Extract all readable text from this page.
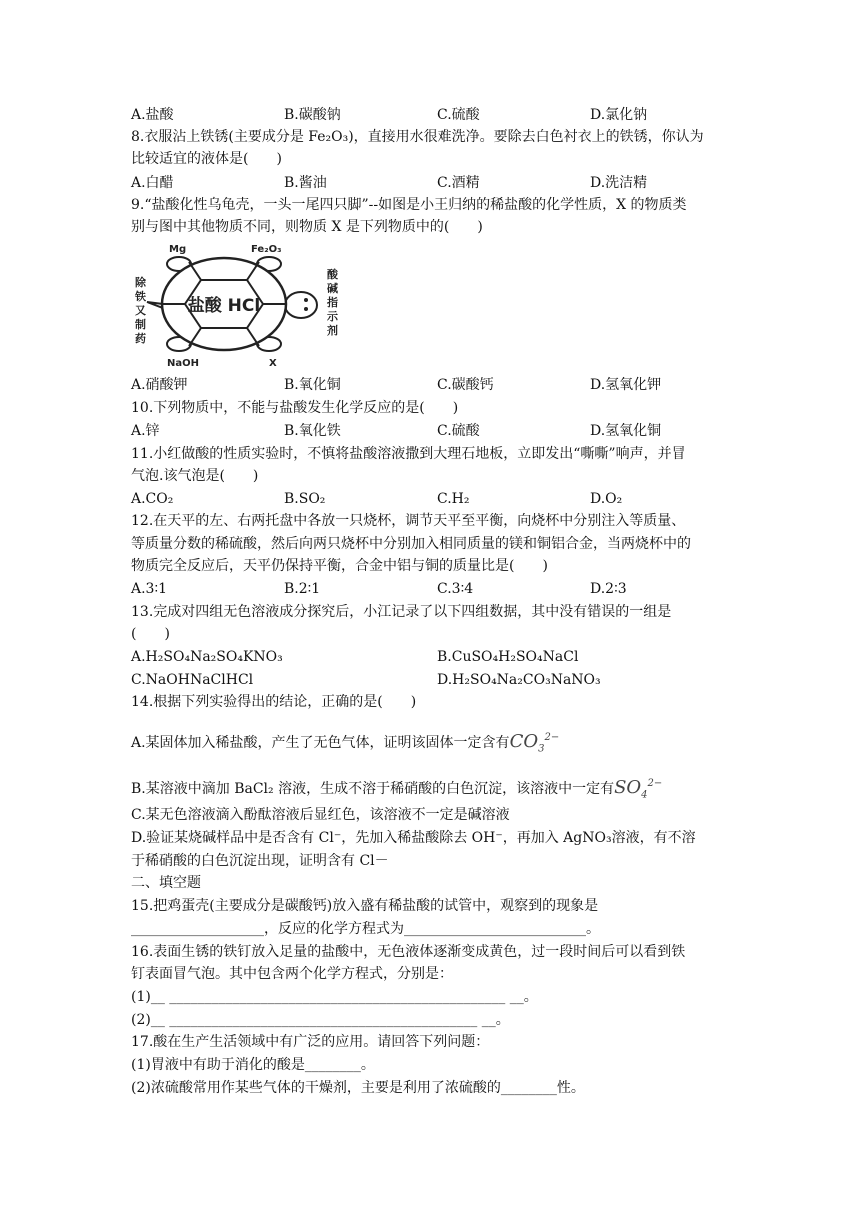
A.盐酸	B.碳酸钠	C.硫酸	D.氯化钠
8.衣服沾上铁锈(主要成分是 Fe₂O₃)，直接用水很难洗净。要除去白色衬衣上的铁锈，你认为
比较适宜的液体是(　　)
A.白醋	B.酱油	C.酒精	D.洗洁精
9.“盐酸化性乌龟壳，一头一尾四只脚”--如图是小王归纳的稀盐酸的化学性质，X 的物质类
别与图中其他物质不同，则物质 X 是下列物质中的(　　)
盐酸 HCl
Mg	Fe₂O₃
NaOH	X
除铁又制药
酸碱指示剂
A.硝酸钾	B.氧化铜	C.碳酸钙	D.氢氧化钾
10.下列物质中，不能与盐酸发生化学反应的是(　　)
A.锌	B.氧化铁	C.硫酸	D.氢氧化铜
11.小红做酸的性质实验时，不慎将盐酸溶液撒到大理石地板，立即发出“嘶嘶”响声，并冒
气泡.该气泡是(　　)
A.CO₂	B.SO₂	C.H₂	D.O₂
12.在天平的左、右两托盘中各放一只烧杯，调节天平至平衡，向烧杯中分别注入等质量、
等质量分数的稀硫酸，然后向两只烧杯中分别加入相同质量的镁和铜铝合金，当两烧杯中的
物质完全反应后，天平仍保持平衡，合金中铝与铜的质量比是(　　)
A.3∶1	B.2∶1	C.3∶4	D.2∶3
13.完成对四组无色溶液成分探究后，小江记录了以下四组数据，其中没有错误的一组是
(　　)
A.H₂SO₄Na₂SO₄KNO₃	B.CuSO₄H₂SO₄NaCl
C.NaOHNaClHCl	D.H₂SO₄Na₂CO₃NaNO₃
14.根据下列实验得出的结论，正确的是(　　)
A.某固体加入稀盐酸，产生了无色气体，证明该固体一定含有$CO_3^{2-}$
B.某溶液中滴加 BaCl₂ 溶液，生成不溶于稀硝酸的白色沉淀，该溶液中一定有$SO_4^{2-}$
C.某无色溶液滴入酚酞溶液后显红色，该溶液不一定是碱溶液
D.验证某烧碱样品中是否含有 Cl⁻，先加入稀盐酸除去 OH⁻，再加入 AgNO₃溶液，有不溶
于稀硝酸的白色沉淀出现，证明含有 Cl－
二、填空题
15.把鸡蛋壳(主要成分是碳酸钙)放入盛有稀盐酸的试管中，观察到的现象是
___________________，反应的化学方程式为__________________________。
16.表面生锈的铁钉放入足量的盐酸中，无色液体逐渐变成黄色，过一段时间后可以看到铁
钉表面冒气泡。其中包含两个化学方程式，分别是：
(1)__ ________________________________________________ __。
(2)__ ____________________________________________ __。
17.酸在生产生活领域中有广泛的应用。请回答下列问题：
(1)胃液中有助于消化的酸是________。
(2)浓硫酸常用作某些气体的干燥剂，主要是利用了浓硫酸的________性。
